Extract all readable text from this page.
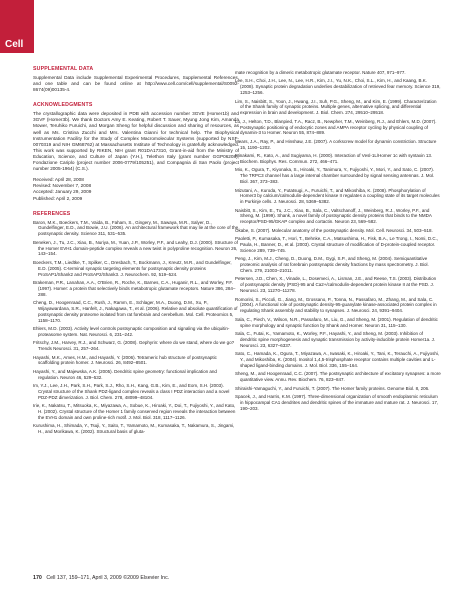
Cell
SUPPLEMENTAL DATA
Supplemental Data include Supplemental Experimental Procedures, Supplemental References, and one table and can be found online at http://www.cell.com/cell/supplemental/S0092-8674(09)00135-4.
ACKNOWLEDGMENTS
The crystallographic data were deposited in PDB with accession number 3GVE (Homer1b) and 3GVF (Homer3b). We thank Doctors Amy E. Keating, Robert T. Sauer, Myung Jong Kim, Amanda Mower, Teruhiko Furuichi, and Morgan Sheng for helpful discussion and sharing of resources, as well as Ms. Cristina Zucchi and Mrs. Valentina Gianni for technical help. The Biophysical Instrumentation Facility for the Study of Complex Macromolecular Systems (supported by NSF-0070319 and NIH GM68762) at Massachusetts Institute of Technology is gratefully acknowledged. This work was supported by RIKEN, NIH grant R01DA17310, Grant-in-aid from the Ministry of Education, Science, and Culture of Japan (Y.H.), Telethon Italy (grant number GGP06208), Fondazione Cariplo (project number 2006-0779/105251), and Compagnia di San Paolo (project number 2005-1964) (C.S.).
Received: April 28, 2008
Revised: November 7, 2008
Accepted: January 29, 2009
Published: April 2, 2009
REFERENCES
Baron, M.K., Boeckers, T.M., Vaida, B., Faham, S., Gingery, M., Sawaya, M.R., Salyer, D., Gundelfinger, E.D., and Bowie, J.U. (2006). An architectural framework that may lie at the core of the postsynaptic density. Science 311, 531–535.
Beneken, J., Tu, J.C., Xiao, B., Nuriya, M., Yuan, J.P., Worley, P.F., and Leahy, D.J. (2000). Structure of the Homer EVH1 domain-peptide complex reveals a new twist in polyproline recognition. Neuron 26, 143–154.
Boeckers, T.M., Liedtke, T., Spilker, C., Dresbach, T., Bockmann, J., Kreutz, M.R., and Gundelfinger, E.D. (2005). C-terminal synaptic targeting elements for postsynaptic density proteins ProSAP1/Shank2 and ProSAP2/Shank3. J. Neurochem. 92, 519–524.
Brakeman, P.R., Lanahan, A.A., O'Brien, R., Roche, K., Barnes, C.A., Huganir, R.L., and Worley, P.F. (1997). Homer: a protein that selectively binds metabotropic glutamate receptors. Nature 386, 284–288.
Cheng, D., Hoogenraad, C.C., Rush, J., Ramm, E., Schlager, M.A., Duong, D.M., Xu, P., Wijayawardana, S.R., Hanfelt, J., Nakagawa, T., et al. (2006). Relative and absolute quantification of postsynaptic density proteome isolated from rat forebrain and cerebellum. Mol. Cell. Proteomics 5, 1158–1170.
Ehlers, M.D. (2003). Activity level controls postsynaptic composition and signaling via the ubiquitin-proteasome system. Nat. Neurosci. 6, 231–242.
Fritschy, J.M., Harvey, R.J., and Schwarz, G. (2008). Gephyrin: where do we stand, where do we go? Trends Neurosci. 31, 257–264.
Hayashi, M.K., Ames, H.M., and Hayashi, Y. (2006). Tetrameric hub structure of postsynaptic scaffolding protein homer. J. Neurosci. 26, 8492–8501.
Hayashi, Y., and Majewska, A.K. (2005). Dendritic spine geometry: functional implication and regulation. Neuron 46, 529–532.
Im, Y.J., Lee, J.H., Park, S.H., Park, S.J., Rho, S.H., Kang, G.B., Kim, E., and Eom, S.H. (2003). Crystal structure of the Shank PDZ-ligand complex reveals a class I PDZ interaction and a novel PDZ-PDZ dimerization. J. Biol. Chem. 278, 48099–48104.
Irie, K., Nakatsu, T., Mitsuoka, K., Miyazawa, A., Sobue, K., Hiroaki, Y., Doi, T., Fujiyoshi, Y., and Kato, H. (2002). Crystal structure of the Homer 1 family conserved region reveals the interaction between the EVH1 domain and own proline-rich motif. J. Mol. Biol. 318, 1117–1126.
Kurushima, H., Shimada, Y., Tsuji, Y., Saito, T., Yamamoto, M., Kumasaka, T., Nakamura, S., Jingami, H., and Morikawa, K. (2002). Structural basis of gluta-
mate recognition by a dimeric metabotropic glutamate receptor. Nature 407, 971–977.
Lee, S.H., Choi, J.H., Lee, N., Lee, H.R., Kim, J.I., Yu, N.K., Choi, S.L., Kim, H., and Kaang, B.K. (2008). Synaptic protein degradation underlies destabilization of retrieved fear memory. Science 319, 1253–1256.
Lim, S., Naisbitt, S., Yoon, J., Hwang, J.I., Suh, P.G., Sheng, M., and Kim, E. (1999). Characterization of the Shank family of synaptic proteins. Multiple genes, alternative splicing, and differential expression in brain and development. J. Biol. Chem. 274, 29510–29518.
Lu, J., Helton, T.D., Blanpied, T.A., Racz, B., Newpher, T.M., Weinberg, R.J., and Ehlers, M.D. (2007). Postsynaptic positioning of endocytic zones and AMPA receptor cycling by physical coupling of dynamin-3 to Homer. Neuron 55, 874–889.
Mears, J.A., Ray, P., and Hinshaw, J.E. (2007). A corkscrew model for dynamin constriction. Structure 15, 1190–1202.
Minakami, R., Kato, A., and Sugiyama, H. (2000). Interaction of Vesl-1L/Homer 1c with syntaxin 13. Biochem. Biophys. Res. Commun. 272, 466–471.
Mio, K., Ogura, T., Kiyonaka, S., Hiroaki, Y., Tanimura, Y., Fujiyoshi, Y., Mori, Y., and Sato, C. (2007). The TRPC3 channel has a large internal chamber surrounded by signal sensing antennas. J. Mol. Biol. 367, 373–383.
Mizutani, A., Kuroda, Y., Futatsugi, A., Furuichi, T., and Mikoshiba, K. (2008). Phosphorylation of Homer3 by calcium/calmodulin-dependent kinase II regulates a coupling state of its target molecules in Purkinje cells. J. Neurosci. 28, 5369–5382.
Naisbitt, S., Kim, E., Tu, J.C., Xiao, B., Sala, C., Valtschanoff, J., Weinberg, R.J., Worley, P.F., and Sheng, M. (1999). Shank, a novel family of postsynaptic density proteins that binds to the NMDA receptor/PSD-95/GKAP complex and cortactin. Neuron 23, 569–582.
Okabe, S. (2007). Molecular anatomy of the postsynaptic density. Mol. Cell. Neurosci. 34, 503–518.
Paoletti, P., Kumasaka, T., Hori, T., Behnke, C.A., Matsushima, H., Fisk, B.A., Le Trong, I., Nomi, D.C., Paula, H., Banner, D., et al. (2003). Crystal structure of modification of D-protein-coupled receptor. Science 289, 739–745.
Peng, J., Kim, M.J., Cheng, D., Duong, D.M., Gygi, S.P., and Sheng, M. (2004). Semiquantitative proteomic analysis of rat forebrain postsynaptic density fractions by mass spectrometry. J. Biol. Chem. 279, 21003–21011.
Petersen, J.D., Chen, X., Vinade, L., Dosemeci, A., Lisman, J.E., and Reese, T.S. (2003). Distribution of postsynaptic density (PSD)-95 and Ca2+/calmodulin-dependent protein kinase II at the PSD. J. Neurosci. 23, 11270–11278.
Romorini, S., Piccoli, G., Jiang, M., Grossano, P., Tonna, N., Passafaro, M., Zhang, M., and Sala, C. (2004). A functional role of postsynaptic density-95-guanylate kinase-associated protein complex in regulating Shank assembly and stability to synapses. J. Neurosci. 24, 9391–9404.
Sala, C., Piech, V., Wilson, N.R., Passafaro, M., Liu, G., and Sheng, M. (2001). Regulation of dendritic spine morphology and synaptic function by Shank and Homer. Neuron 31, 115–130.
Sala, C., Futai, K., Yamamoto, K., Worley, P.F., Hayashi, Y., and Sheng, M. (2003). Inhibition of dendritic spine morphogenesis and synaptic transmission by activity-inducible protein Homer1a. J. Neurosci. 23, 6327–6337.
Sato, C., Hamada, K., Ogura, T., Miyazawa, A., Iwasaki, K., Hiroaki, Y., Tani, K., Terauchi, A., Fujiyoshi, Y., and Mikoshiba, K. (2004). Inositol 1,4,5-trisphosphate receptor contains multiple cavities and L-shaped ligand-binding domains. J. Mol. Biol. 336, 155–164.
Sheng, M., and Hoogenraad, C.C. (2007). The postsynaptic architecture of excitatory synapses: a more quantitative view. Annu. Rev. Biochem. 76, 823–847.
Shiraishi-Yamaguchi, Y., and Furuichi, T. (2007). The Homer family proteins. Genome Biol. 8, 206.
Spacek, J., and Harris, K.M. (1997). Three-dimensional organization of smooth endoplasmic reticulum in hippocampal CA1 dendrites and dendritic spines of the immature and mature rat. J. Neurosci. 17, 190–203.
170 Cell 137, 159–171, April 3, 2009 ©2009 Elsevier Inc.
